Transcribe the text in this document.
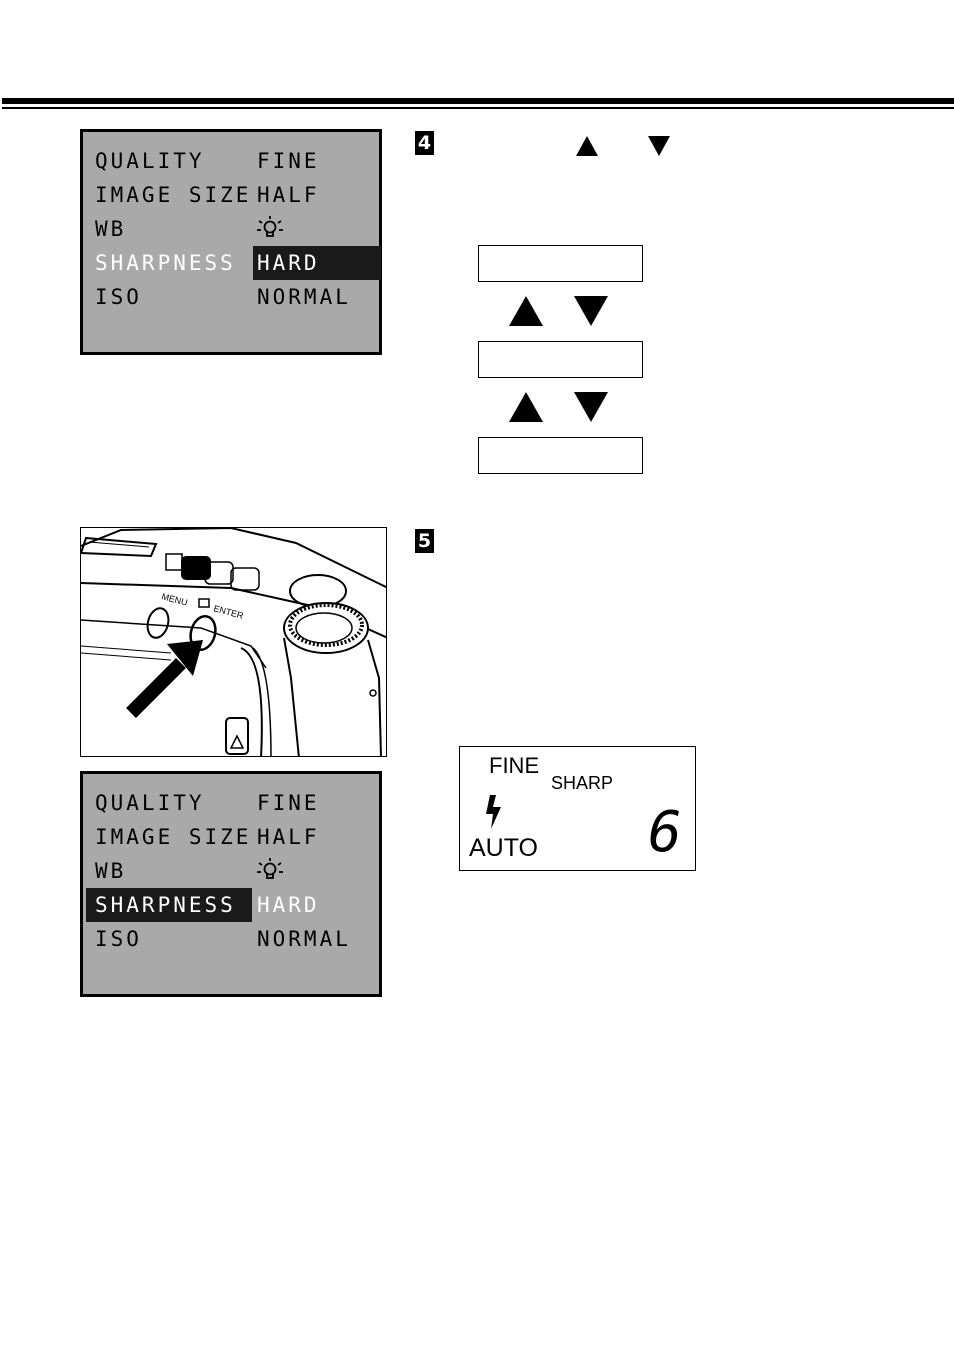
QUALITY	FINE
IMAGE SIZE HALF
WB
SHARPNESS	HARD
ISO	NORMAL
4
MENU
ENTER
5
QUALITY	FINE
IMAGE SIZE HALF
WB
SHARPNESS	HARD
ISO	NORMAL
FINE
SHARP
AUTO 6
